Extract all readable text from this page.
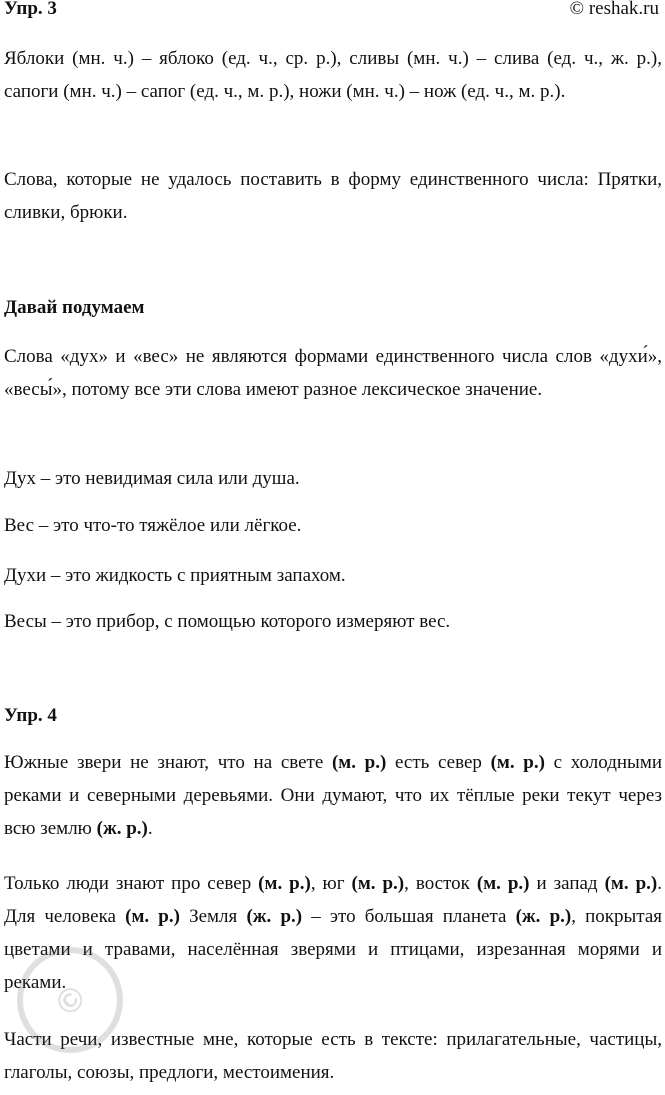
Упр. 3	© reshak.ru
Яблоки (мн. ч.) – яблоко (ед. ч., ср. р.), сливы (мн. ч.) – слива (ед. ч., ж. р.), сапоги (мн. ч.) – сапог (ед. ч., м. р.), ножи (мн. ч.) – нож (ед. ч., м. р.).
Слова, которые не удалось поставить в форму единственного числа: Прятки, сливки, брюки.
Давай подумаем
Слова «дух» и «вес» не являются формами единственного числа слов «духи́», «весы́», потому все эти слова имеют разное лексическое значение.
Дух – это невидимая сила или душа.
Вес – это что-то тяжёлое или лёгкое.
Духи – это жидкость с приятным запахом.
Весы – это прибор, с помощью которого измеряют вес.
Упр. 4
Южные звери не знают, что на свете (м. р.) есть север (м. р.) с холодными реками и северными деревьями. Они думают, что их тёплые реки текут через всю землю (ж. р.).
Только люди знают про север (м. р.), юг (м. р.), восток (м. р.) и запад (м. р.). Для человека (м. р.) Земля (ж. р.) – это большая планета (ж. р.), покрытая цветами и травами, населённая зверями и птицами, изрезанная морями и реками.
Части речи, известные мне, которые есть в тексте: прилагательные, частицы, глаголы, союзы, предлоги, местоимения.
©
